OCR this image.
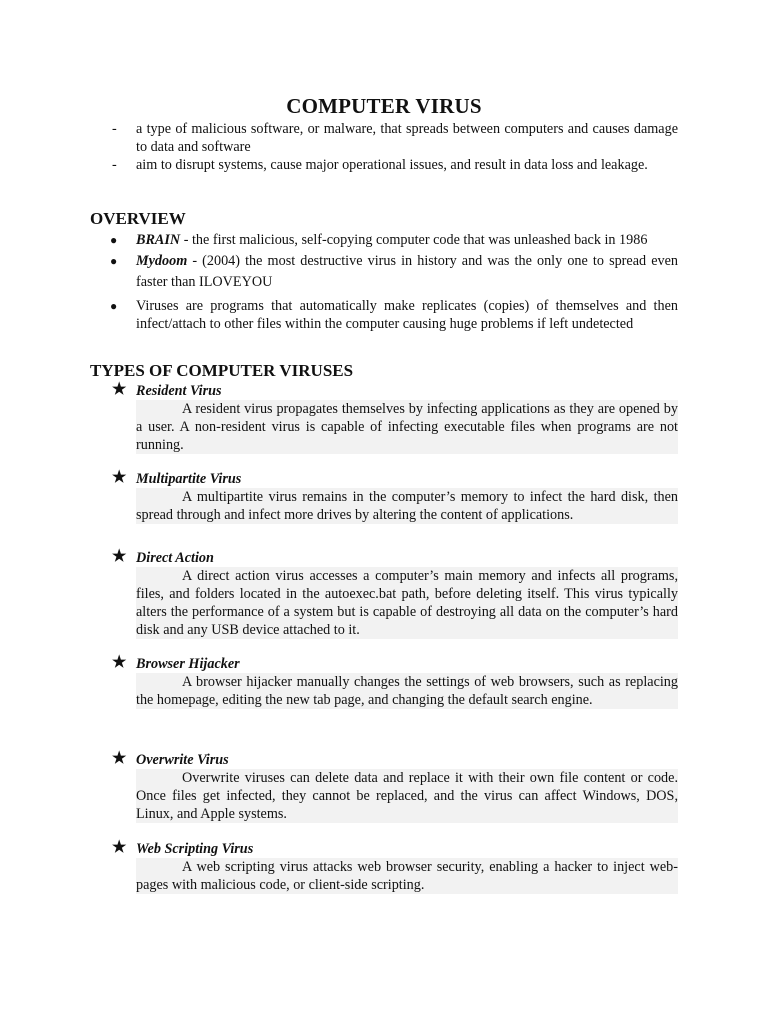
COMPUTER VIRUS
- a type of malicious software, or malware, that spreads between computers and causes damage to data and software
- aim to disrupt systems, cause major operational issues, and result in data loss and leakage.
OVERVIEW
● BRAIN - the first malicious, self-copying computer code that was unleashed back in 1986
● Mydoom - (2004) the most destructive virus in history and was the only one to spread even faster than ILOVEYOU
● Viruses are programs that automatically make replicates (copies) of themselves and then infect/attach to other files within the computer causing huge problems if left undetected
TYPES OF COMPUTER VIRUSES
★ Resident Virus
A resident virus propagates themselves by infecting applications as they are opened by a user. A non-resident virus is capable of infecting executable files when programs are not running.
★ Multipartite Virus
A multipartite virus remains in the computer’s memory to infect the hard disk, then spread through and infect more drives by altering the content of applications.
★ Direct Action
A direct action virus accesses a computer’s main memory and infects all programs, files, and folders located in the autoexec.bat path, before deleting itself. This virus typically alters the performance of a system but is capable of destroying all data on the computer’s hard disk and any USB device attached to it.
★ Browser Hijacker
A browser hijacker manually changes the settings of web browsers, such as replacing the homepage, editing the new tab page, and changing the default search engine.
★ Overwrite Virus
Overwrite viruses can delete data and replace it with their own file content or code. Once files get infected, they cannot be replaced, and the virus can affect Windows, DOS, Linux, and Apple systems.
★ Web Scripting Virus
A web scripting virus attacks web browser security, enabling a hacker to inject web-pages with malicious code, or client-side scripting.
